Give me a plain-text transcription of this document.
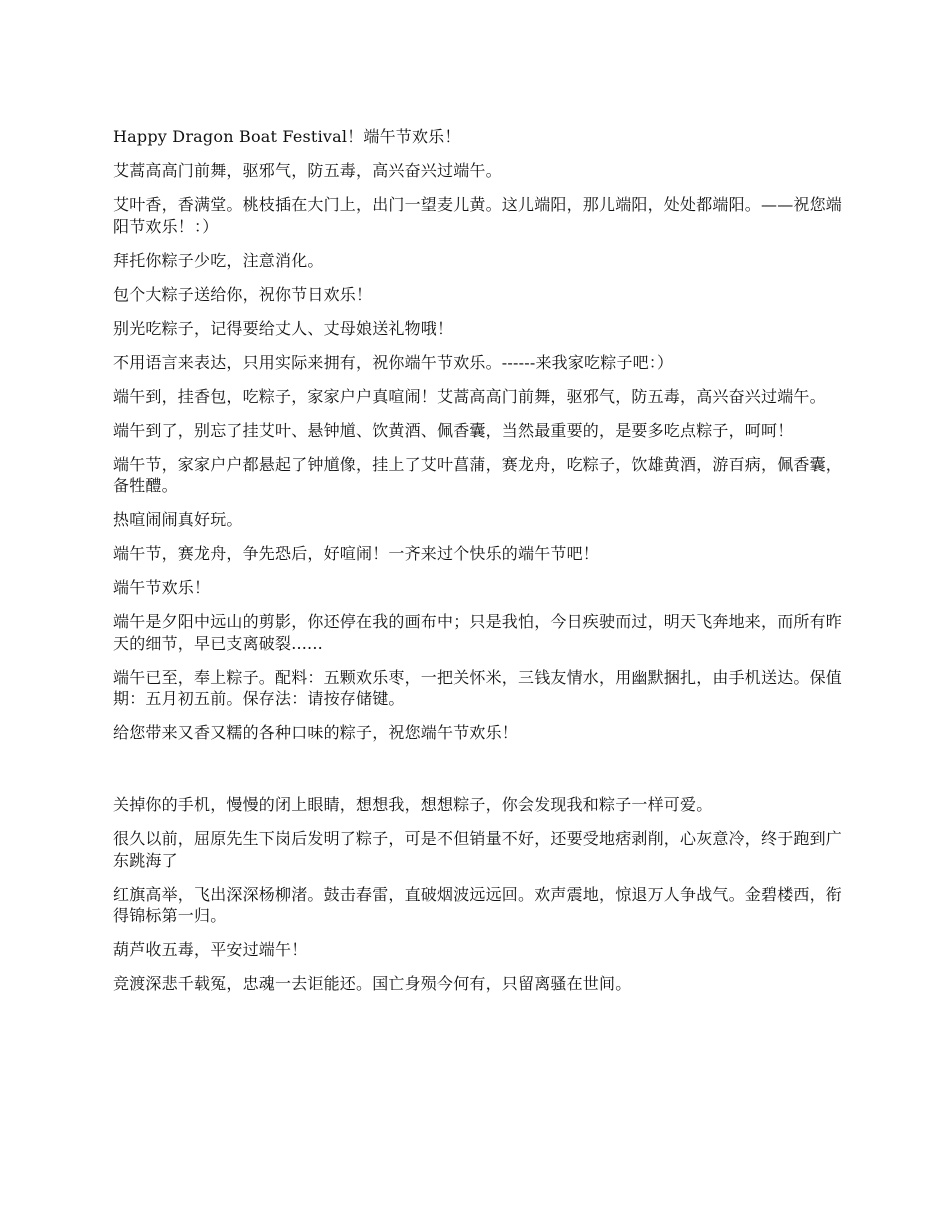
Happy Dragon Boat Festival！端午节欢乐！

艾蒿高高门前舞，驱邪气，防五毒，高兴奋兴过端午。

艾叶香，香满堂。桃枝插在大门上，出门一望麦儿黄。这儿端阳，那儿端阳，处处都端阳。——祝您端阳节欢乐！：）

拜托你粽子少吃，注意消化。

包个大粽子送给你，祝你节日欢乐！

别光吃粽子，记得要给丈人、丈母娘送礼物哦！

不用语言来表达，只用实际来拥有，祝你端午节欢乐。------来我家吃粽子吧：）

端午到，挂香包，吃粽子，家家户户真喧闹！艾蒿高高门前舞，驱邪气，防五毒，高兴奋兴过端午。

端午到了，别忘了挂艾叶、悬钟馗、饮黄酒、佩香囊，当然最重要的，是要多吃点粽子，呵呵！

端午节，家家户户都悬起了钟馗像，挂上了艾叶菖蒲，赛龙舟，吃粽子，饮雄黄酒，游百病，佩香囊，备牲醴。

热喧闹闹真好玩。

端午节，赛龙舟，争先恐后，好喧闹！一齐来过个快乐的端午节吧！

端午节欢乐！

端午是夕阳中远山的剪影，你还停在我的画布中；只是我怕，今日疾驶而过，明天飞奔地来，而所有昨天的细节，早已支离破裂......

端午已至，奉上粽子。配料：五颗欢乐枣，一把关怀米，三钱友情水，用幽默捆扎，由手机送达。保值期：五月初五前。保存法：请按存储键。

给您带来又香又糯的各种口味的粽子，祝您端午节欢乐！

关掉你的手机，慢慢的闭上眼睛，想想我，想想粽子，你会发现我和粽子一样可爱。

很久以前，屈原先生下岗后发明了粽子，可是不但销量不好，还要受地痞剥削，心灰意冷，终于跑到广东跳海了

红旗高举，飞出深深杨柳渚。鼓击春雷，直破烟波远远回。欢声震地，惊退万人争战气。金碧楼西，衔得锦标第一归。

葫芦收五毒，平安过端午！

竞渡深悲千载冤，忠魂一去讵能还。国亡身殒今何有，只留离骚在世间。
